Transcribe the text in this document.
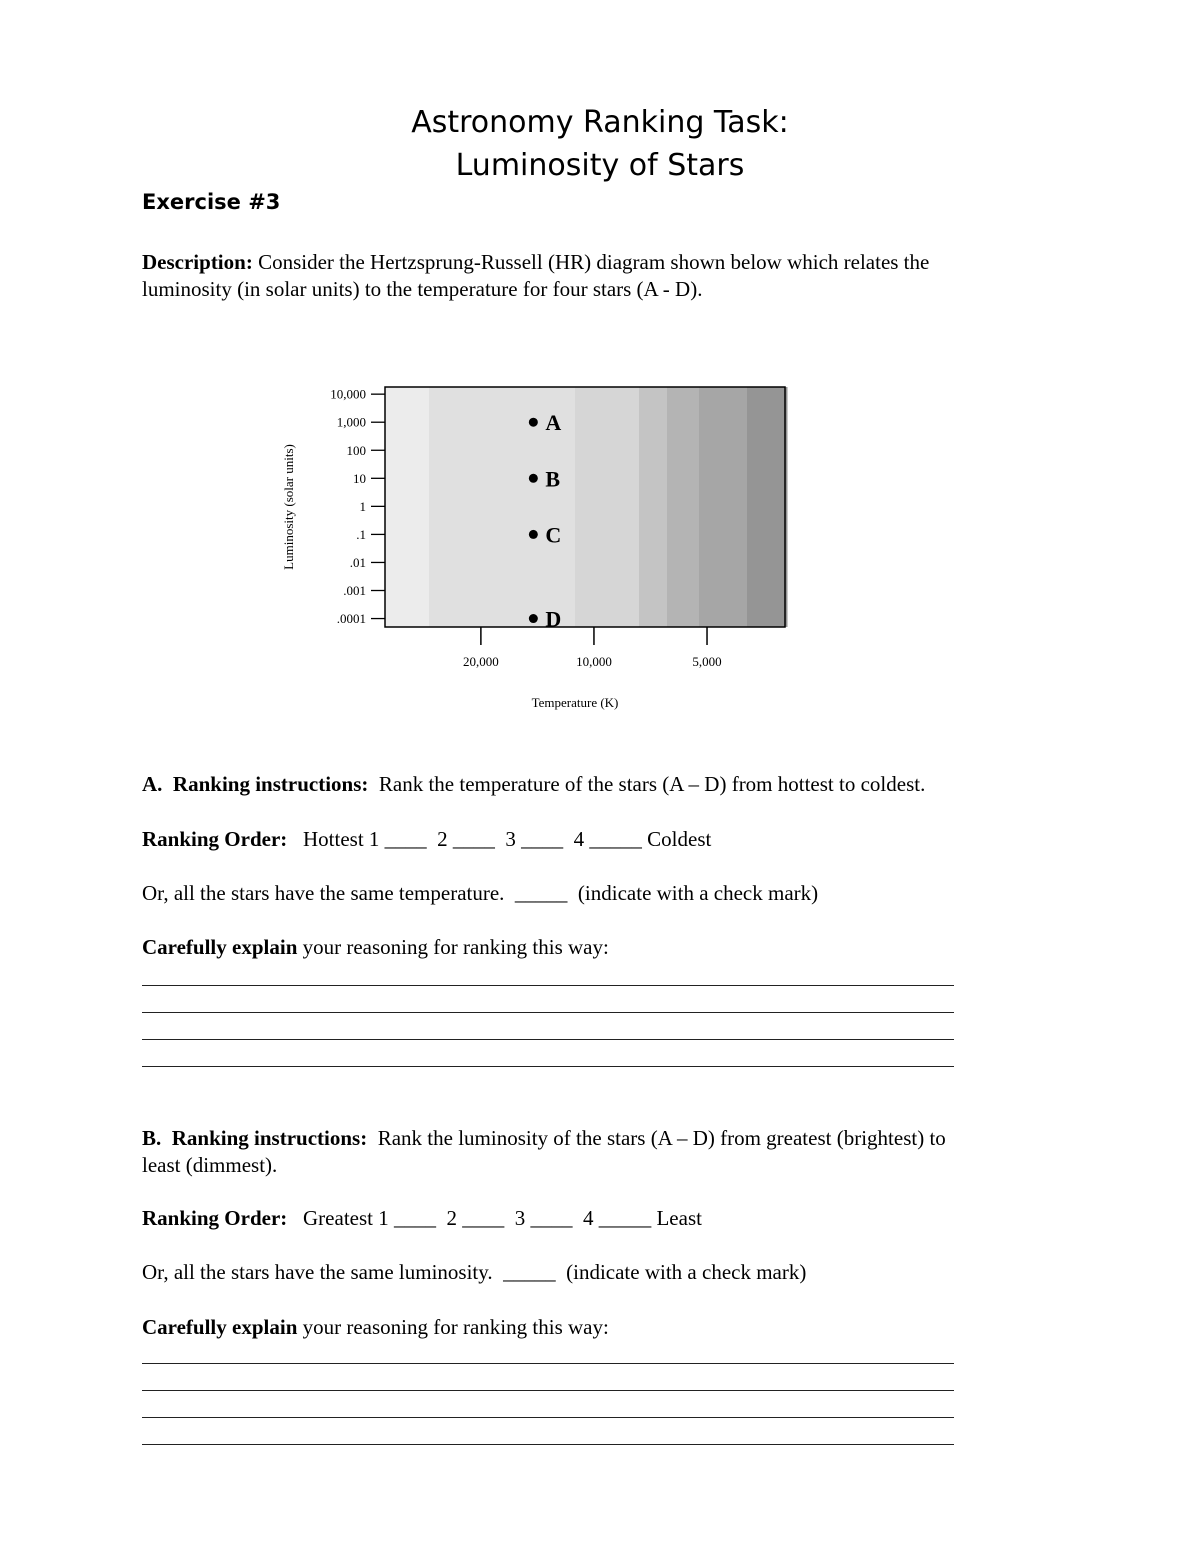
Astronomy Ranking Task:
Luminosity of Stars
Exercise #3
Description: Consider the Hertzsprung-Russell (HR) diagram shown below which relates the
luminosity (in solar units) to the temperature for four stars (A - D).
10,000
1,000
100
10
1
.1
.01
.001
.0001
20,000	10,000	5,000
A
B
C
D
Luminosity (solar units)
Temperature (K)
A.  Ranking instructions:  Rank the temperature of the stars (A – D) from hottest to coldest.
Ranking Order:   Hottest 1 ____  2 ____  3 ____  4 _____ Coldest
Or, all the stars have the same temperature.  _____  (indicate with a check mark)
Carefully explain your reasoning for ranking this way:
B.  Ranking instructions:  Rank the luminosity of the stars (A – D) from greatest (brightest) to
least (dimmest).
Ranking Order:   Greatest 1 ____  2 ____  3 ____  4 _____ Least
Or, all the stars have the same luminosity.  _____  (indicate with a check mark)
Carefully explain your reasoning for ranking this way:
